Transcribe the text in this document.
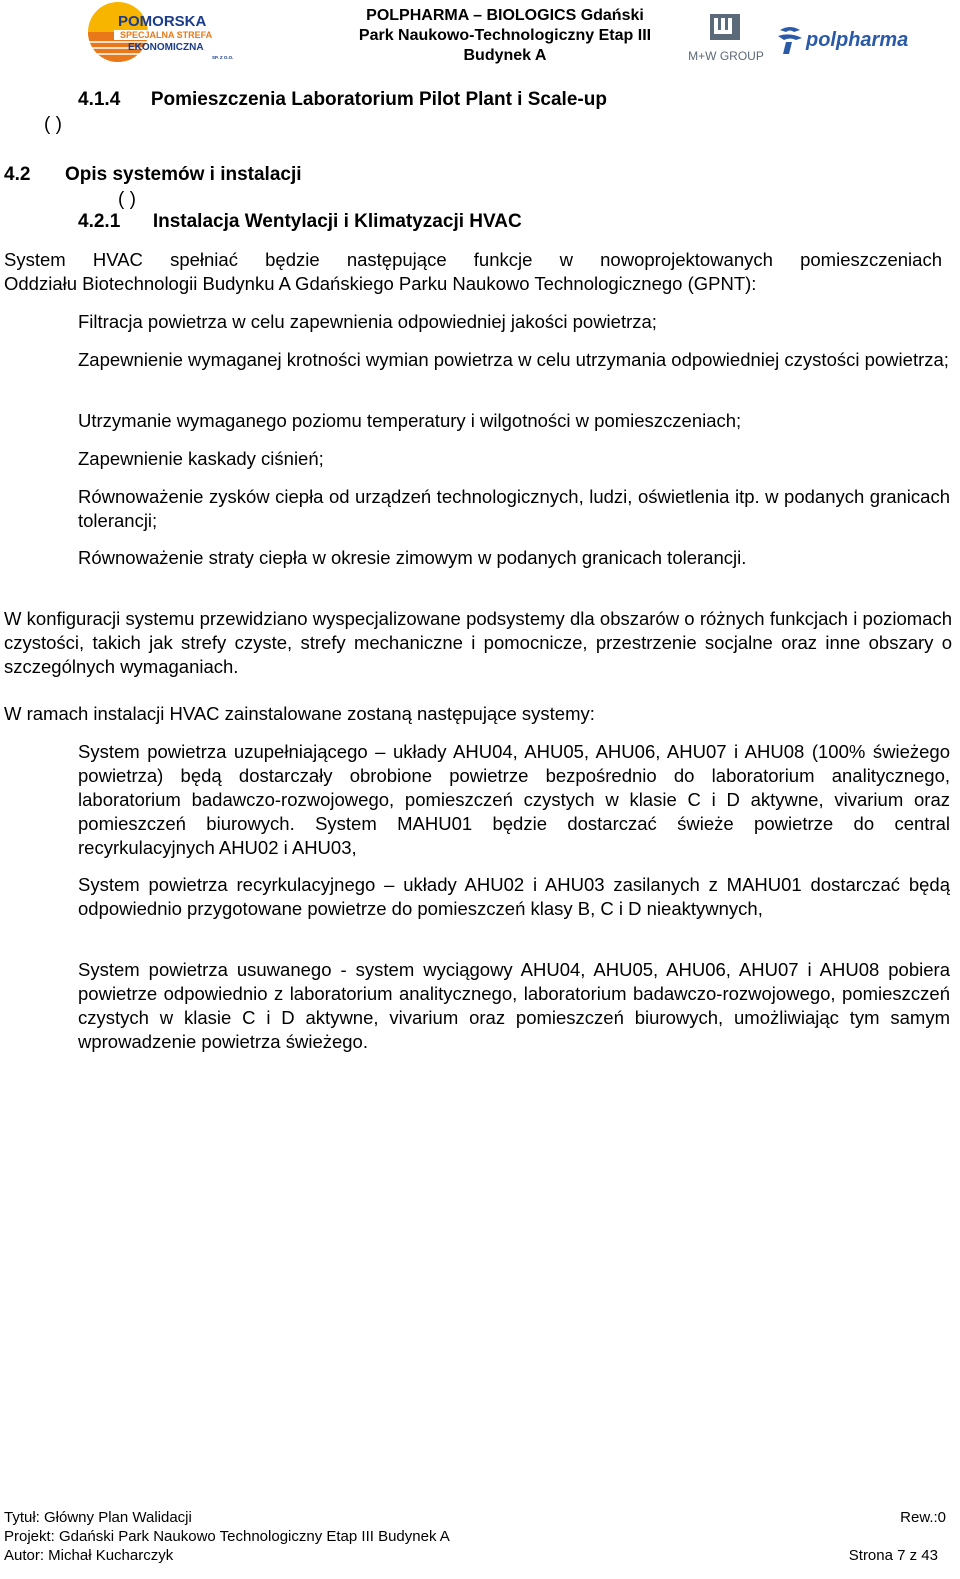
POMORSKA
SPECJALNA STREFA
EKONOMICZNA
SP. Z O.O.
POLPHARMA – BIOLOGICS Gdański
Park Naukowo-Technologiczny Etap III
Budynek A	M+W GROUP
polpharma
4.1.4 Pomieszczenia Laboratorium Pilot Plant i Scale-up
( )
4.2 Opis systemów i instalacji
( )
4.2.1 Instalacja Wentylacji i Klimatyzacji HVAC
System HVAC spełniać będzie następujące funkcje w nowoprojektowanych pomieszczeniach
Oddziału Biotechnologii Budynku A Gdańskiego Parku Naukowo Technologicznego (GPNT):
Filtracja powietrza w celu zapewnienia odpowiedniej jakości powietrza;
Zapewnienie wymaganej krotności wymian powietrza w celu utrzymania odpowiedniej czystości powietrza;
Utrzymanie wymaganego poziomu temperatury i wilgotności w pomieszczeniach;
Zapewnienie kaskady ciśnień;
Równoważenie zysków ciepła od urządzeń technologicznych, ludzi, oświetlenia itp. w podanych granicach tolerancji;
Równoważenie straty ciepła w okresie zimowym w podanych granicach tolerancji.
W konfiguracji systemu przewidziano wyspecjalizowane podsystemy dla obszarów o różnych funkcjach i poziomach czystości, takich jak strefy czyste, strefy mechaniczne i pomocnicze, przestrzenie socjalne oraz inne obszary o szczególnych wymaganiach.
W ramach instalacji HVAC zainstalowane zostaną następujące systemy:
System powietrza uzupełniającego – układy AHU04, AHU05, AHU06, AHU07 i AHU08 (100% świeżego powietrza) będą dostarczały obrobione powietrze bezpośrednio do laboratorium analitycznego, laboratorium badawczo-rozwojowego, pomieszczeń czystych w klasie C i D aktywne, vivarium oraz pomieszczeń biurowych. System MAHU01 będzie dostarczać świeże powietrze do central recyrkulacyjnych AHU02 i AHU03,
System powietrza recyrkulacyjnego – układy AHU02 i AHU03 zasilanych z MAHU01 dostarczać będą odpowiednio przygotowane powietrze do pomieszczeń klasy B, C i D nieaktywnych,
System powietrza usuwanego - system wyciągowy AHU04, AHU05, AHU06, AHU07 i AHU08 pobiera powietrze odpowiednio z laboratorium analitycznego, laboratorium badawczo-rozwojowego, pomieszczeń czystych w klasie C i D aktywne, vivarium oraz pomieszczeń biurowych, umożliwiając tym samym wprowadzenie powietrza świeżego.
Tytuł: Główny Plan Walidacji
Projekt: Gdański Park Naukowo Technologiczny Etap III Budynek A
Autor: Michał Kucharczyk
Rew.:0
Strona 7 z 43
